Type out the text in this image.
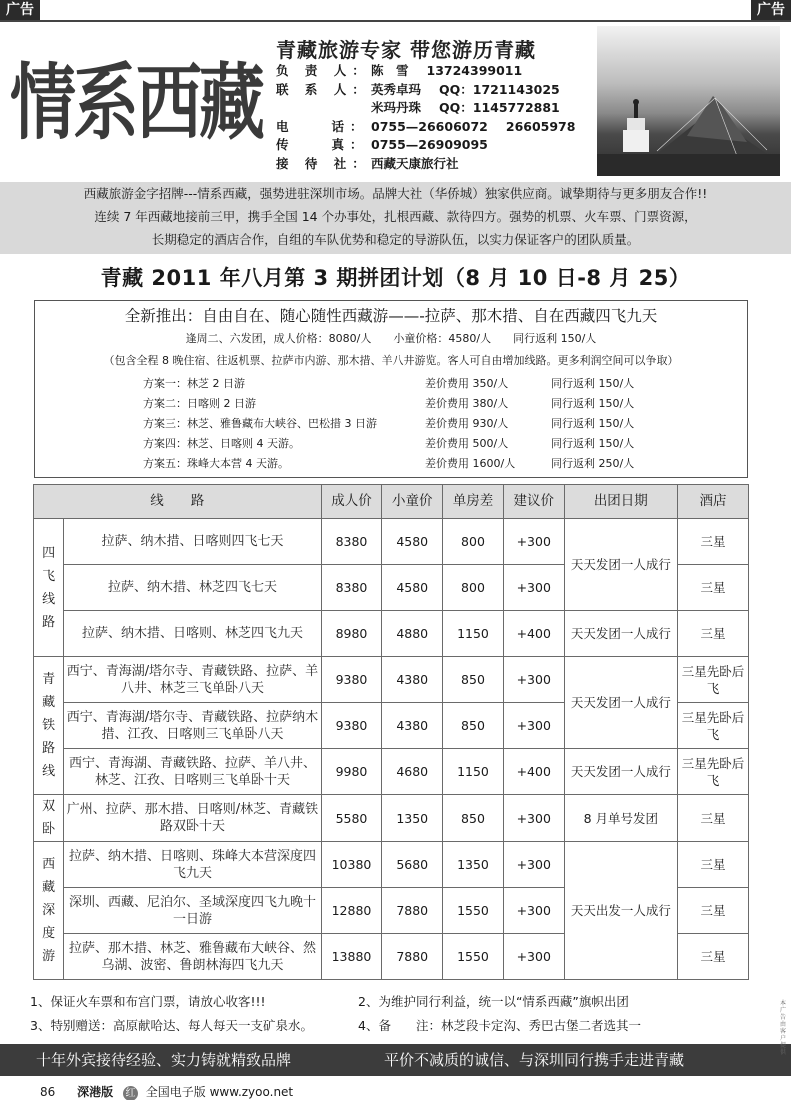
广告	广告
情系西藏
青藏旅游专家 带您游历青藏
负 责 人： 陈　雪 13724399011
联 系 人： 英秀卓玛 QQ：1721143025
米玛丹珠 QQ：1145772881
电　　话： 0755—26606072 26605978
传　　真： 0755—26909095
接 待 社： 西藏天康旅行社
西藏旅游金字招牌---情系西藏，强势进驻深圳市场。品牌大社（华侨城）独家供应商。诚挚期待与更多朋友合作!!
连续 7 年西藏地接前三甲，携手全国 14 个办事处，扎根西藏、款待四方。强势的机票、火车票、门票资源，
长期稳定的酒店合作，自组的车队优势和稳定的导游队伍，以实力保证客户的团队质量。
青藏 2011 年八月第 3 期拼团计划（8 月 10 日-8 月 25）
全新推出：自由自在、随心随性西藏游——-拉萨、那木措、自在西藏四飞九天
逢周二、六发团，成人价格：8080/人　　小童价格：4580/人　　同行返利 150/人
（包含全程 8 晚住宿、往返机票、拉萨市内游、那木措、羊八井游览。客人可自由增加线路。更多利润空间可以争取）
方案一：林芝 2 日游	差价费用 350/人	同行返利 150/人
方案二：日喀则 2 日游	差价费用 380/人	同行返利 150/人
方案三：林芝、雅鲁藏布大峡谷、巴松措 3 日游	差价费用 930/人	同行返利 150/人
方案四：林芝、日喀则 4 天游。	差价费用 500/人	同行返利 150/人
方案五：珠峰大本营 4 天游。	差价费用 1600/人	同行返利 250/人
线　　路		成人价	小童价	单房差	建议价	出团日期	酒店
四飞线路	拉萨、纳木措、日喀则四飞七天	8380	4580	800	+300	天天发团一人成行	三星
	拉萨、纳木措、林芝四飞七天	8380	4580	800	+300		三星
	拉萨、纳木措、日喀则、林芝四飞九天	8980	4880	1150	+400	天天发团一人成行	三星
青藏铁路线	西宁、青海湖/塔尔寺、青藏铁路、拉萨、羊八井、林芝三飞单卧八天	9380	4380	850	+300	天天发团一人成行	三星先卧后飞
	西宁、青海湖/塔尔寺、青藏铁路、拉萨纳木措、江孜、日喀则三飞单卧八天	9380	4380	850	+300		三星先卧后飞
	西宁、青海湖、青藏铁路、拉萨、羊八井、林芝、江孜、日喀则三飞单卧十天	9980	4680	1150	+400	天天发团一人成行	三星先卧后飞
双卧	广州、拉萨、那木措、日喀则/林芝、青藏铁路双卧十天	5580	1350	850	+300	8 月单号发团	三星
西藏深度游	拉萨、纳木措、日喀则、珠峰大本营深度四飞九天	10380	5680	1350	+300	天天出发一人成行	三星
	深圳、西藏、尼泊尔、圣域深度四飞九晚十一日游	12880	7880	1550	+300		三星
	拉萨、那木措、林芝、雅鲁藏布大峡谷、然乌湖、波密、鲁朗林海四飞九天	13880	7880	1550	+300		三星
1、保证火车票和布宫门票，请放心收客!!!	2、为维护同行利益，统一以“情系西藏”旗帜出团
3、特别赠送：高原献哈达、每人每天一支矿泉水。	4、备　　注：林芝段卡定沟、秀巴古堡二者选其一
十年外宾接待经验、实力铸就精致品牌	平价不减质的诚信、与深圳同行携手走进青藏
86 深港版 红 全国电子版 www.zyoo.net
本广告由客户提供
